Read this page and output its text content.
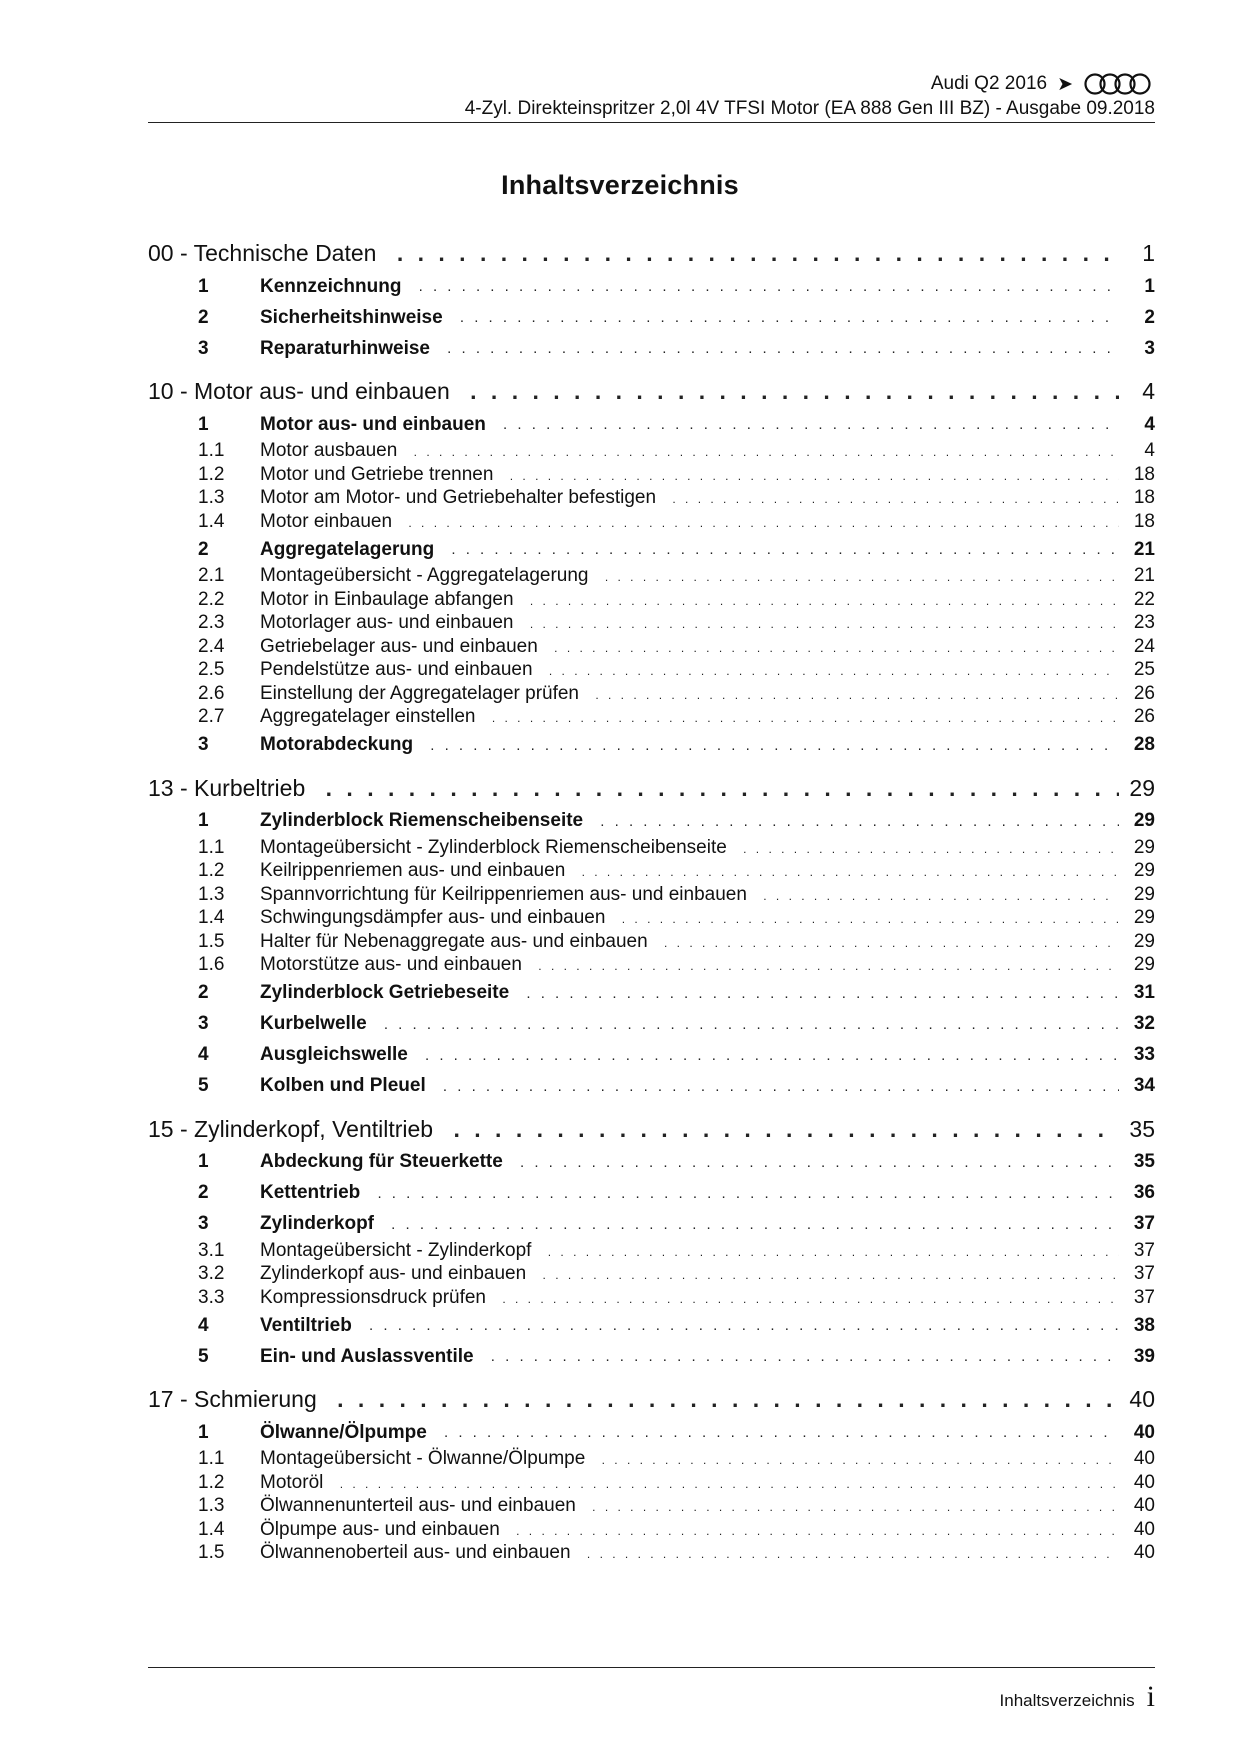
Audi Q2 2016 ➤
4-Zyl. Direkteinspritzer 2,0l 4V TFSI Motor (EA 888 Gen III BZ) - Ausgabe 09.2018
Inhaltsverzeichnis
00 - Technische Daten . . .	1
1	Kennzeichnung . . .	1
2	Sicherheitshinweise . . .	2
3	Reparaturhinweise . . .	3
10 - Motor aus- und einbauen . . .	4
1	Motor aus- und einbauen . . .	4
1.1	Motor ausbauen . . .	4
1.2	Motor und Getriebe trennen . . .	18
1.3	Motor am Motor- und Getriebehalter befestigen . . .	18
1.4	Motor einbauen . . .	18
2	Aggregatelagerung . . .	21
2.1	Montageübersicht - Aggregatelagerung . . .	21
2.2	Motor in Einbaulage abfangen . . .	22
2.3	Motorlager aus- und einbauen . . .	23
2.4	Getriebelager aus- und einbauen . . .	24
2.5	Pendelstütze aus- und einbauen . . .	25
2.6	Einstellung der Aggregatelager prüfen . . .	26
2.7	Aggregatelager einstellen . . .	26
3	Motorabdeckung . . .	28
13 - Kurbeltrieb . . .	29
1	Zylinderblock Riemenscheibenseite . . .	29
1.1	Montageübersicht - Zylinderblock Riemenscheibenseite . . .	29
1.2	Keilrippenriemen aus- und einbauen . . .	29
1.3	Spannvorrichtung für Keilrippenriemen aus- und einbauen . . .	29
1.4	Schwingungsdämpfer aus- und einbauen . . .	29
1.5	Halter für Nebenaggregate aus- und einbauen . . .	29
1.6	Motorstütze aus- und einbauen . . .	29
2	Zylinderblock Getriebeseite . . .	31
3	Kurbelwelle . . .	32
4	Ausgleichswelle . . .	33
5	Kolben und Pleuel . . .	34
15 - Zylinderkopf, Ventiltrieb . . .	35
1	Abdeckung für Steuerkette . . .	35
2	Kettentrieb . . .	36
3	Zylinderkopf . . .	37
3.1	Montageübersicht - Zylinderkopf . . .	37
3.2	Zylinderkopf aus- und einbauen . . .	37
3.3	Kompressionsdruck prüfen . . .	37
4	Ventiltrieb . . .	38
5	Ein- und Auslassventile . . .	39
17 - Schmierung . . .	40
1	Ölwanne/Ölpumpe . . .	40
1.1	Montageübersicht - Ölwanne/Ölpumpe . . .	40
1.2	Motoröl . . .	40
1.3	Ölwannenunterteil aus- und einbauen . . .	40
1.4	Ölpumpe aus- und einbauen . . .	40
1.5	Ölwannenoberteil aus- und einbauen . . .	40
Inhaltsverzeichnis i
